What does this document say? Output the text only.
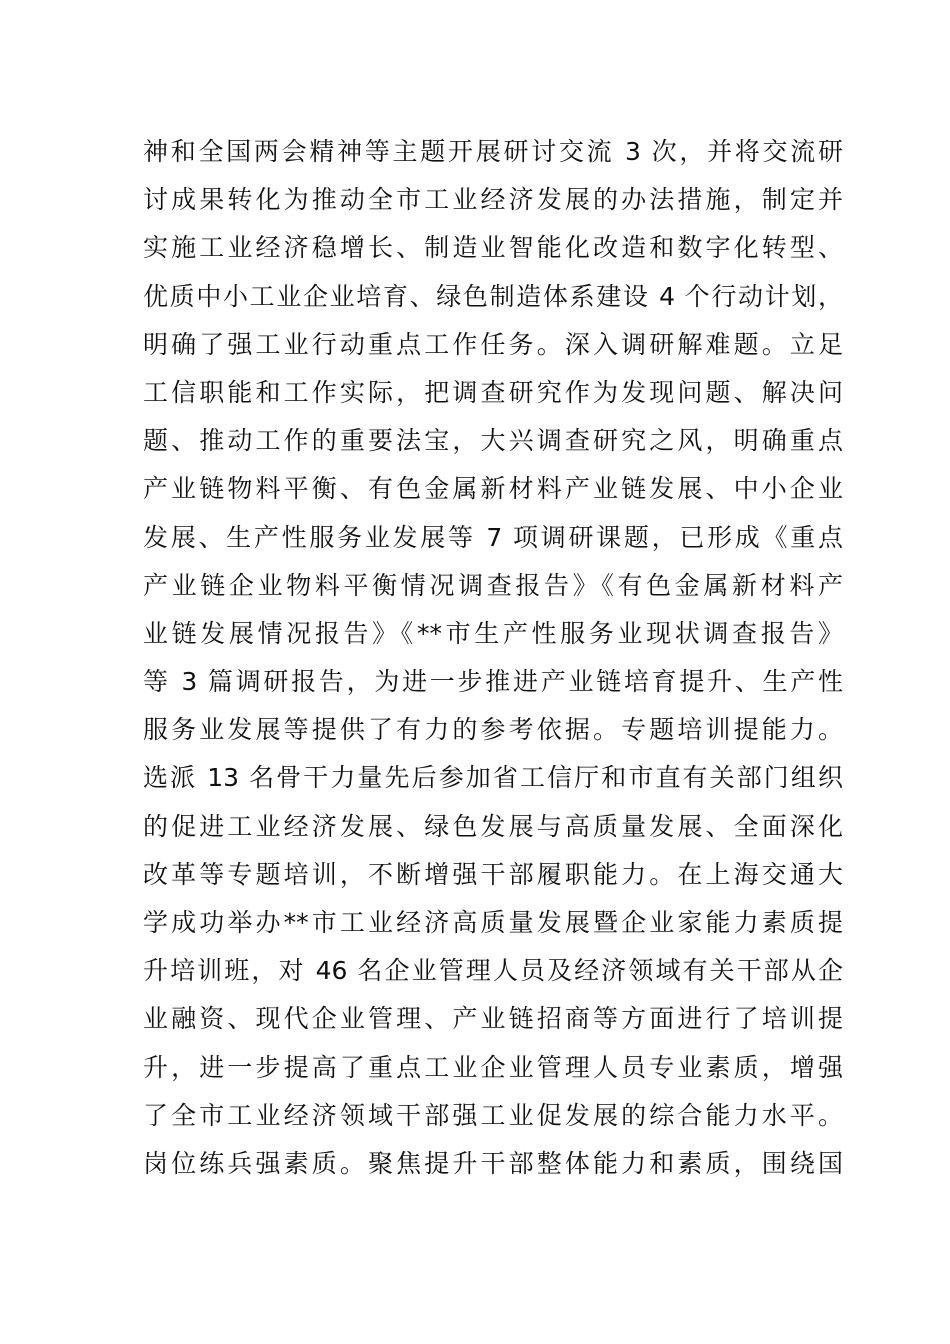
神和全国两会精神等主题开展研讨交流 3 次，并将交流研
讨成果转化为推动全市工业经济发展的办法措施，制定并
实施工业经济稳增长、制造业智能化改造和数字化转型、
优质中小工业企业培育、绿色制造体系建设 4 个行动计划，
明确了强工业行动重点工作任务。深入调研解难题。立足
工信职能和工作实际，把调查研究作为发现问题、解决问
题、推动工作的重要法宝，大兴调查研究之风，明确重点
产业链物料平衡、有色金属新材料产业链发展、中小企业
发展、生产性服务业发展等 7 项调研课题，已形成《重点
产业链企业物料平衡情况调查报告》《有色金属新材料产
业链发展情况报告》《**市生产性服务业现状调查报告》
等 3 篇调研报告，为进一步推进产业链培育提升、生产性
服务业发展等提供了有力的参考依据。专题培训提能力。
选派 13 名骨干力量先后参加省工信厅和市直有关部门组织
的促进工业经济发展、绿色发展与高质量发展、全面深化
改革等专题培训，不断增强干部履职能力。在上海交通大
学成功举办**市工业经济高质量发展暨企业家能力素质提
升培训班，对 46 名企业管理人员及经济领域有关干部从企
业融资、现代企业管理、产业链招商等方面进行了培训提
升，进一步提高了重点工业企业管理人员专业素质，增强
了全市工业经济领域干部强工业促发展的综合能力水平。
岗位练兵强素质。聚焦提升干部整体能力和素质，围绕国
